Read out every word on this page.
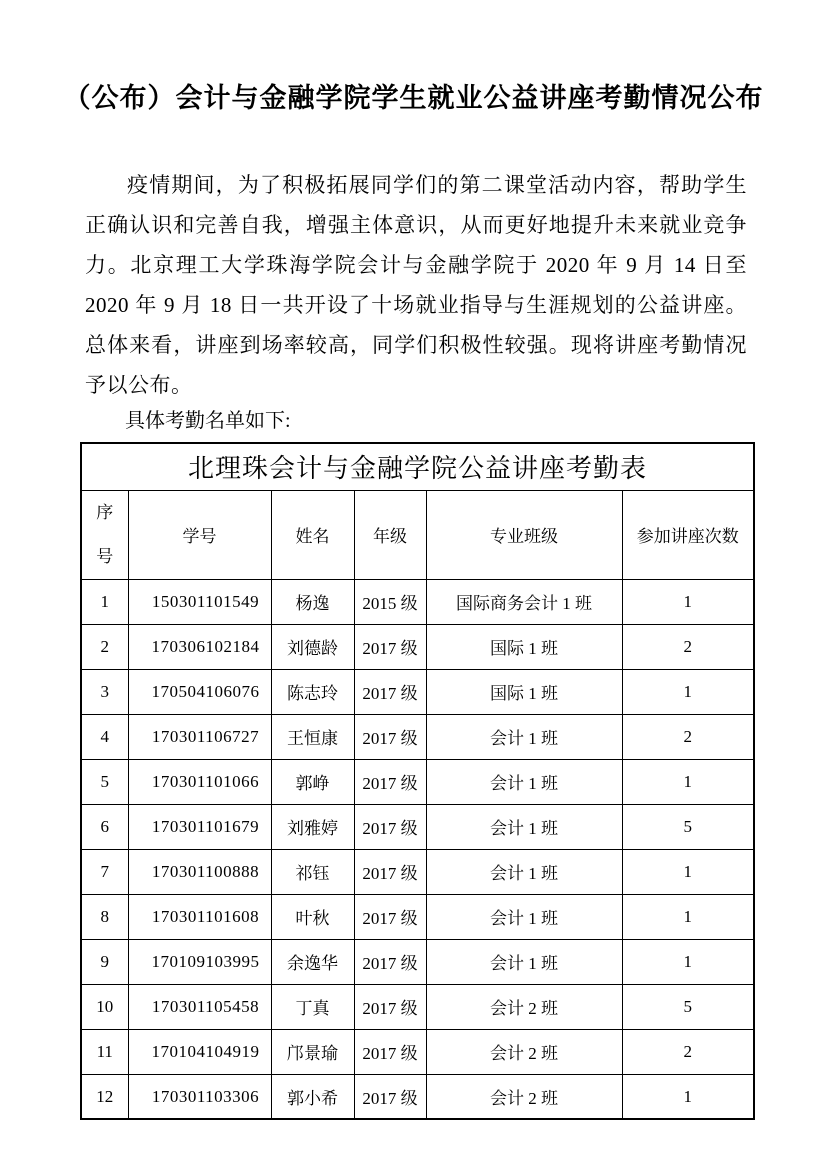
（公布）会计与金融学院学生就业公益讲座考勤情况公布

疫情期间，为了积极拓展同学们的第二课堂活动内容，帮助学生正确认识和完善自我，增强主体意识，从而更好地提升未来就业竞争力。北京理工大学珠海学院会计与金融学院于 2020 年 9 月 14 日至 2020 年 9 月 18 日一共开设了十场就业指导与生涯规划的公益讲座。总体来看，讲座到场率较高，同学们积极性较强。现将讲座考勤情况予以公布。

具体考勤名单如下:

北理珠会计与金融学院公益讲座考勤表					
序号	学号	姓名	年级	专业班级	参加讲座次数
1	150301101549	杨逸	2015 级	国际商务会计 1 班	1
2	170306102184	刘德龄	2017 级	国际 1 班	2
3	170504106076	陈志玲	2017 级	国际 1 班	1
4	170301106727	王恒康	2017 级	会计 1 班	2
5	170301101066	郭峥	2017 级	会计 1 班	1
6	170301101679	刘雅婷	2017 级	会计 1 班	5
7	170301100888	祁钰	2017 级	会计 1 班	1
8	170301101608	叶秋	2017 级	会计 1 班	1
9	170109103995	余逸华	2017 级	会计 1 班	1
10	170301105458	丁真	2017 级	会计 2 班	5
11	170104104919	邝景瑜	2017 级	会计 2 班	2
12	170301103306	郭小希	2017 级	会计 2 班	1
